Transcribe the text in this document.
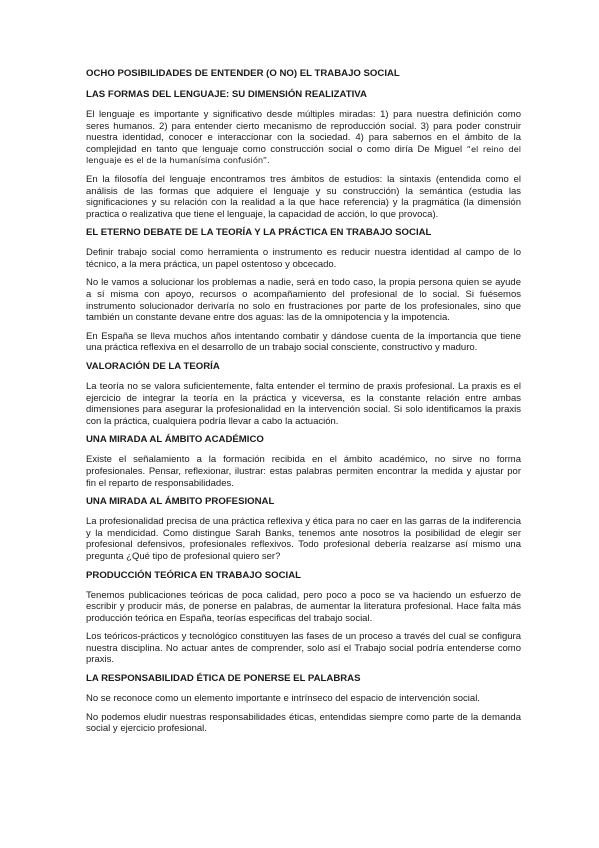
OCHO POSIBILIDADES DE ENTENDER (O NO) EL TRABAJO SOCIAL
LAS FORMAS DEL LENGUAJE: SU DIMENSIÓN REALIZATIVA

El lenguaje es importante y significativo desde múltiples miradas: 1) para nuestra definición como seres humanos. 2) para entender cierto mecanismo de reproducción social. 3) para poder construir nuestra identidad, conocer e interaccionar con la sociedad. 4) para sabernos en el ámbito de la complejidad en tanto que lenguaje como construcción social o como diría De Miguel “el reino del lenguaje es el de la humanísima confusión”.

En la filosofía del lenguaje encontramos tres ámbitos de estudios: la sintaxis (entendida como el análisis de las formas que adquiere el lenguaje y su construcción) la semántica (estudia las significaciones y su relación con la realidad a la que hace referencia) y la pragmática (la dimensión practica o realizativa que tiene el lenguaje, la capacidad de acción, lo que provoca).

EL ETERNO DEBATE DE LA TEORÍA Y LA PRÁCTICA EN TRABAJO SOCIAL

Definir trabajo social como herramienta o instrumento es reducir nuestra identidad al campo de lo técnico, a la mera práctica, un papel ostentoso y obcecado.

No le vamos a solucionar los problemas a nadie, será en todo caso, la propia persona quien se ayude a sí misma con apoyo, recursos o acompañamiento del profesional de lo social. Si fuésemos instrumento solucionador derivaría no solo en frustraciones por parte de los profesionales, sino que también un constante devane entre dos aguas: las de la omnipotencia y la impotencia.

En España se lleva muchos años intentando combatir y dándose cuenta de la importancia que tiene una práctica reflexiva en el desarrollo de un trabajo social consciente, constructivo y maduro.

VALORACIÓN DE LA TEORÍA

La teoría no se valora suficientemente, falta entender el termino de praxis profesional. La praxis es el ejercicio de integrar la teoría en la práctica y viceversa, es la constante relación entre ambas dimensiones para asegurar la profesionalidad en la intervención social. Si solo identificamos la praxis con la práctica, cualquiera podría llevar a cabo la actuación.

UNA MIRADA AL ÁMBITO ACADÉMICO

Existe el señalamiento a la formación recibida en el ámbito académico, no sirve no forma profesionales. Pensar, reflexionar, ilustrar: estas palabras permiten encontrar la medida y ajustar por fin el reparto de responsabilidades.

UNA MIRADA AL ÁMBITO PROFESIONAL

La profesionalidad precisa de una práctica reflexiva y ética para no caer en las garras de la indiferencia y la mendicidad. Como distingue Sarah Banks, tenemos ante nosotros la posibilidad de elegir ser profesional defensivos, profesionales reflexivos. Todo profesional debería realzarse así mismo una pregunta ¿Qué tipo de profesional quiero ser?

PRODUCCIÓN TEÓRICA EN TRABAJO SOCIAL

Tenemos publicaciones teóricas de poca calidad, pero poco a poco se va haciendo un esfuerzo de escribir y producir más, de ponerse en palabras, de aumentar la literatura profesional. Hace falta más producción teórica en España, teorías especificas del trabajo social.

Los teóricos-prácticos y tecnológico constituyen las fases de un proceso a través del cual se configura nuestra disciplina. No actuar antes de comprender, solo así el Trabajo social podría entenderse como praxis.

LA RESPONSABILIDAD ÉTICA DE PONERSE EL PALABRAS

No se reconoce como un elemento importante e intrínseco del espacio de intervención social.

No podemos eludir nuestras responsabilidades éticas, entendidas siempre como parte de la demanda social y ejercicio profesional.
